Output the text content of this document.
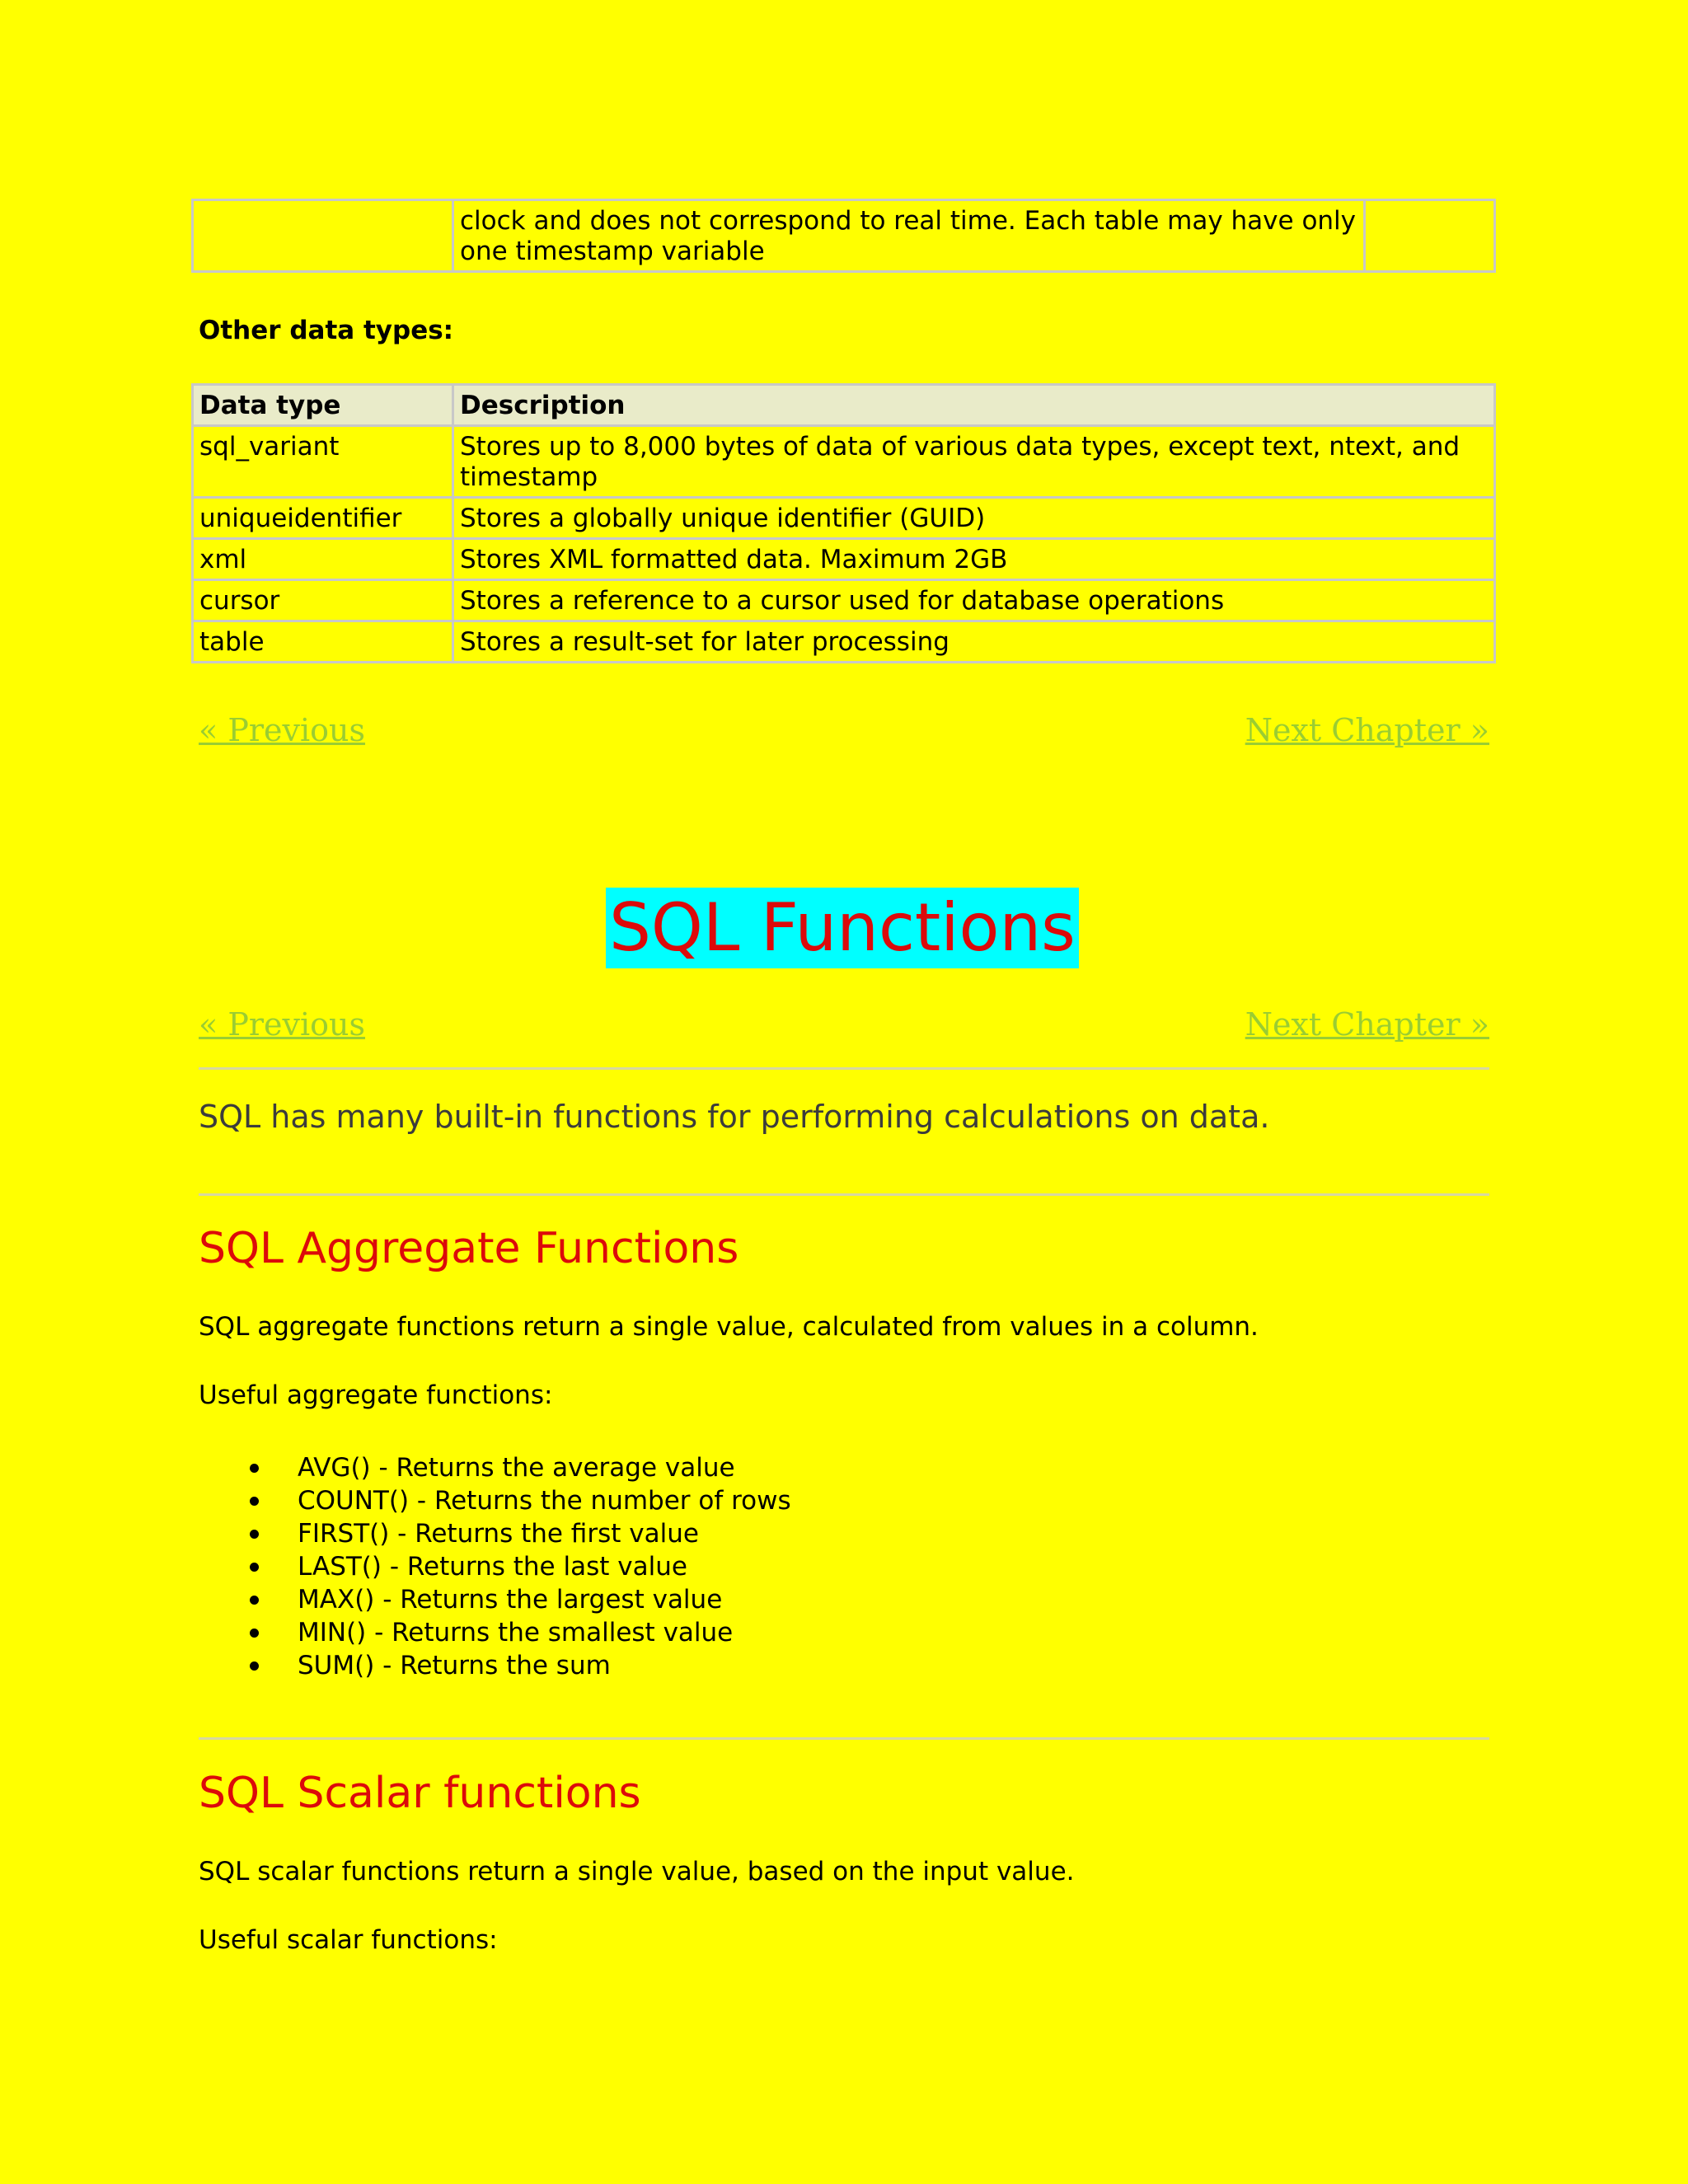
	clock and does not correspond to real time. Each table may have only one timestamp variable	
Other data types:
Data type	Description
sql_variant	Stores up to 8,000 bytes of data of various data types, except text, ntext, and timestamp
uniqueidentifier	Stores a globally unique identifier (GUID)
xml	Stores XML formatted data. Maximum 2GB
cursor	Stores a reference to a cursor used for database operations
table	Stores a result-set for later processing
« Previous	Next Chapter »
SQL Functions
« Previous	Next Chapter »
SQL has many built-in functions for performing calculations on data.
SQL Aggregate Functions
SQL aggregate functions return a single value, calculated from values in a column.
Useful aggregate functions:
AVG() - Returns the average value
COUNT() - Returns the number of rows
FIRST() - Returns the first value
LAST() - Returns the last value
MAX() - Returns the largest value
MIN() - Returns the smallest value
SUM() - Returns the sum
SQL Scalar functions
SQL scalar functions return a single value, based on the input value.
Useful scalar functions:
